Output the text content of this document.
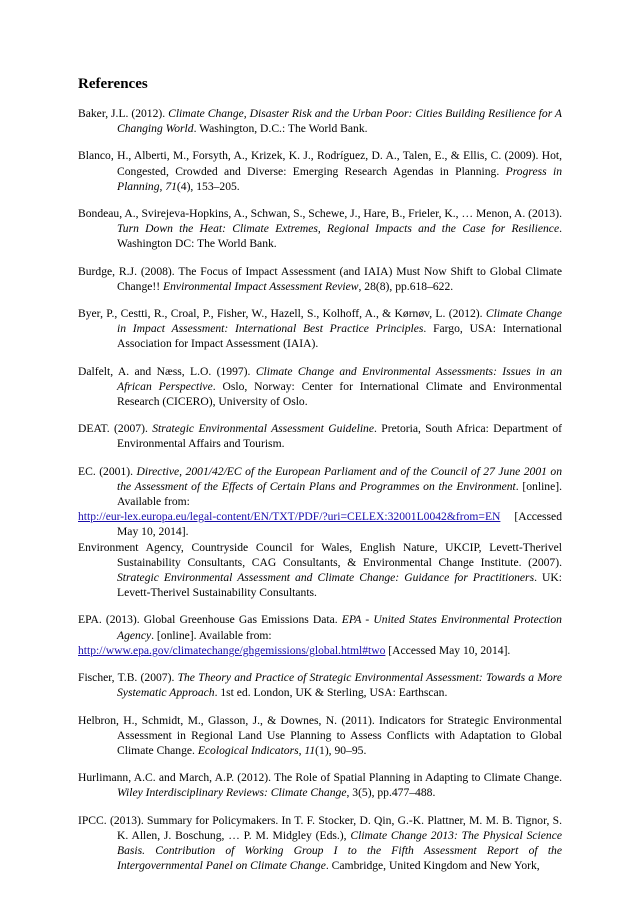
References

Baker, J.L. (2012). Climate Change, Disaster Risk and the Urban Poor: Cities Building Resilience for A Changing World. Washington, D.C.: The World Bank.

Blanco, H., Alberti, M., Forsyth, A., Krizek, K. J., Rodríguez, D. A., Talen, E., & Ellis, C. (2009). Hot, Congested, Crowded and Diverse: Emerging Research Agendas in Planning. Progress in Planning, 71(4), 153–205.

Bondeau, A., Svirejeva-Hopkins, A., Schwan, S., Schewe, J., Hare, B., Frieler, K., … Menon, A. (2013). Turn Down the Heat: Climate Extremes, Regional Impacts and the Case for Resilience. Washington DC: The World Bank.

Burdge, R.J. (2008). The Focus of Impact Assessment (and IAIA) Must Now Shift to Global Climate Change!! Environmental Impact Assessment Review, 28(8), pp.618–622.

Byer, P., Cestti, R., Croal, P., Fisher, W., Hazell, S., Kolhoff, A., & Kørnøv, L. (2012). Climate Change in Impact Assessment: International Best Practice Principles. Fargo, USA: International Association for Impact Assessment (IAIA).

Dalfelt, A. and Næss, L.O. (1997). Climate Change and Environmental Assessments: Issues in an African Perspective. Oslo, Norway: Center for International Climate and Environmental Research (CICERO), University of Oslo.

DEAT. (2007). Strategic Environmental Assessment Guideline. Pretoria, South Africa: Department of Environmental Affairs and Tourism.

EC. (2001). Directive, 2001/42/EC of the European Parliament and of the Council of 27 June 2001 on the Assessment of the Effects of Certain Plans and Programmes on the Environment. [online]. Available from:

http://eur-lex.europa.eu/legal-content/EN/TXT/PDF/?uri=CELEX:32001L0042&from=EN [Accessed May 10, 2014].

Environment Agency, Countryside Council for Wales, English Nature, UKCIP, Levett-Therivel Sustainability Consultants, CAG Consultants, & Environmental Change Institute. (2007). Strategic Environmental Assessment and Climate Change: Guidance for Practitioners. UK: Levett-Therivel Sustainability Consultants.

EPA. (2013). Global Greenhouse Gas Emissions Data. EPA - United States Environmental Protection Agency. [online]. Available from:

http://www.epa.gov/climatechange/ghgemissions/global.html#two [Accessed May 10, 2014].

Fischer, T.B. (2007). The Theory and Practice of Strategic Environmental Assessment: Towards a More Systematic Approach. 1st ed. London, UK & Sterling, USA: Earthscan.

Helbron, H., Schmidt, M., Glasson, J., & Downes, N. (2011). Indicators for Strategic Environmental Assessment in Regional Land Use Planning to Assess Conflicts with Adaptation to Global Climate Change. Ecological Indicators, 11(1), 90–95.

Hurlimann, A.C. and March, A.P. (2012). The Role of Spatial Planning in Adapting to Climate Change. Wiley Interdisciplinary Reviews: Climate Change, 3(5), pp.477–488.

IPCC. (2013). Summary for Policymakers. In T. F. Stocker, D. Qin, G.-K. Plattner, M. M. B. Tignor, S. K. Allen, J. Boschung, … P. M. Midgley (Eds.), Climate Change 2013: The Physical Science Basis. Contribution of Working Group I to the Fifth Assessment Report of the Intergovernmental Panel on Climate Change. Cambridge, United Kingdom and New York,
